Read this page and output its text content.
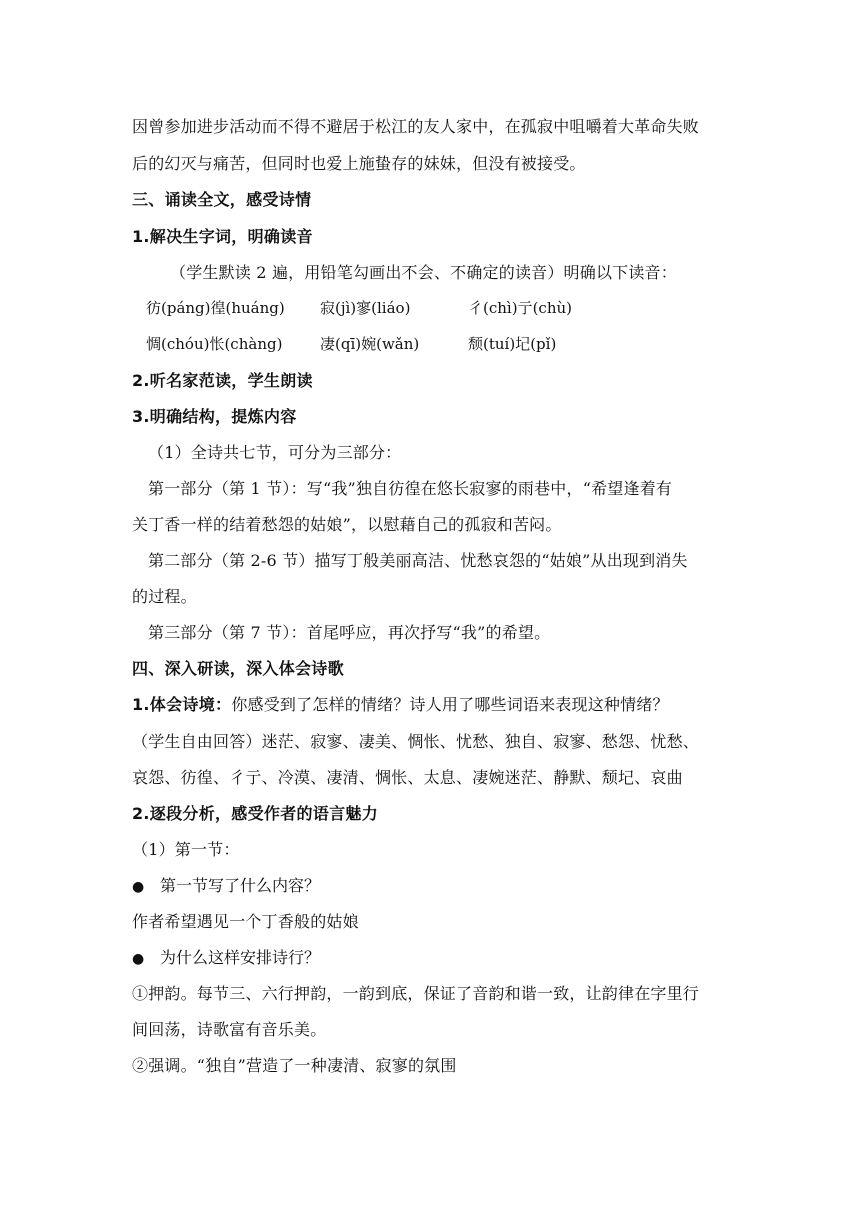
因曾参加进步活动而不得不避居于松江的友人家中，在孤寂中咀嚼着大革命失败
后的幻灭与痛苦，但同时也爱上施蛰存的妹妹，但没有被接受。
三、诵读全文，感受诗情
1.解决生字词，明确读音
（学生默读 2 遍，用铅笔勾画出不会、不确定的读音）明确以下读音：
彷(páng)徨(huáng) 寂(jì)寥(liáo)	彳(chì)亍(chù)
惆(chóu)怅(chàng)	凄(qī)婉(wǎn)	颓(tuí)圮(pǐ)
2.听名家范读，学生朗读
3.明确结构，提炼内容
（1）全诗共七节，可分为三部分：
第一部分（第 1 节）：写“我”独自彷徨在悠长寂寥的雨巷中，“希望逢着有
关丁香一样的结着愁怨的姑娘”，以慰藉自己的孤寂和苦闷。
第二部分（第 2-6 节）描写丁般美丽高洁、忧愁哀怨的“姑娘”从出现到消失
的过程。
第三部分（第 7 节）：首尾呼应，再次抒写“我”的希望。
四、深入研读，深入体会诗歌
1.体会诗境：你感受到了怎样的情绪？诗人用了哪些词语来表现这种情绪？
（学生自由回答）迷茫、寂寥、凄美、惆怅、忧愁、独自、寂寥、愁怨、忧愁、
哀怨、彷徨、彳亍、冷漠、凄清、惆怅、太息、凄婉迷茫、静默、颓圮、哀曲
2.逐段分析，感受作者的语言魅力
（1）第一节：
● 第一节写了什么内容？
作者希望遇见一个丁香般的姑娘
● 为什么这样安排诗行？
①押韵。每节三、六行押韵，一韵到底，保证了音韵和谐一致，让韵律在字里行
间回荡，诗歌富有音乐美。
②强调。“独自”营造了一种凄清、寂寥的氛围
